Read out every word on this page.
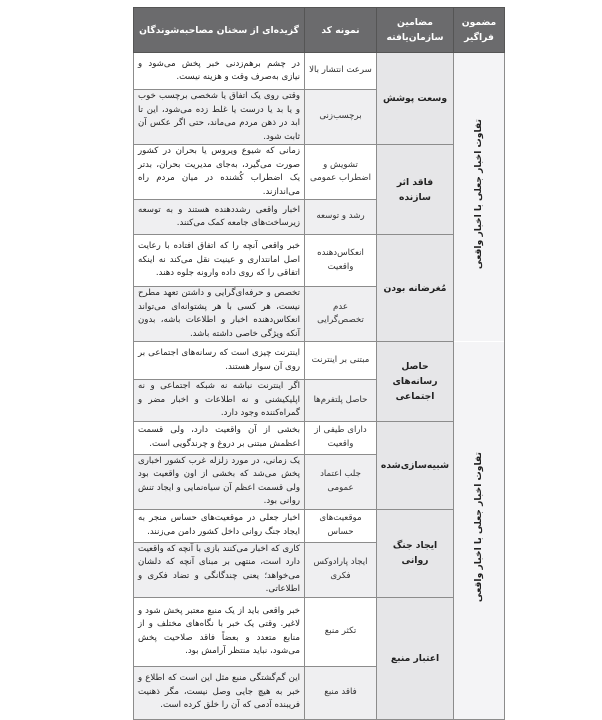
مضمون فراگیر	مضامین سازمان‌یافته	نمونه کد	گزیده‌ای از سخنان مصاحبه‌شوندگان
تفاوت اخبار جعلی با اخبار واقعی	وسعت پوشش	سرعت انتشار بالا	در چشم برهم‌زدنی خبر پخش می‌شود و نیازی به‌صرف وقت و هزینه نیست.
		برچسب‌زنی	وقتی روی یک اتفاق یا شخصی برچسب خوب و یا بد یا درست یا غلط زده می‌شود، این تا ابد در ذهن مردم می‌ماند، حتی اگر عکس آن ثابت شود.
	فاقد اثر سازنده	تشویش و اضطراب عمومی	زمانی که شیوع ویروس یا بحران در کشور صورت می‌گیرد، به‌جای مدیریت بحران، بدتر یک اضطراب کُشنده در میان مردم راه می‌اندازند.
		رشد و توسعه	اخبار واقعی رشددهنده هستند و به توسعه زیرساخت‌های جامعه کمک می‌کنند.
	مُغرضانه بودن	انعکاس‌دهنده واقعیت	خبر واقعی آنچه را که اتفاق افتاده با رعایت اصل امانتداری و عینیت نقل می‌کند نه اینکه اتفاقی را که روی داده وارونه جلوه دهند.
		عدم تخصص‌گرایی	تخصص و حرفه‌ای‌گرایی و داشتن تعهد مطرح نیست، هر کسی با هر پشتوانه‌ای می‌تواند انعکاس‌دهنده اخبار و اطلاعات باشه، بدون آنکه ویژگی خاصی داشته باشد.
تفاوت اخبار جعلی با اخبار واقعی	حاصل رسانه‌های اجتماعی	مبتنی بر اینترنت	اینترنت چیزی است که رسانه‌های اجتماعی بر روی آن سوار هستند.
		حاصل پلتفرم‌ها	اگر اینترنت نباشه نه شبکه اجتماعی و نه اپلیکیشنی و نه اطلاعات و اخبار مضر و گمراه‌کننده وجود دارد.
	شبیه‌سازی‌شده	دارای طیفی از واقعیت	بخشی از آن واقعیت دارد، ولی قسمت اعظمش مبتنی بر دروغ و چرندگویی است.
		جلب اعتماد عمومی	یک زمانی، در مورد زلزله غرب کشور اخباری پخش می‌شد که بخشی از اون واقعیت بود ولی قسمت اعظم آن سیاه‌نمایی و ایجاد تنش روانی بود.
	ایجاد جنگ روانی	موقعیت‌های حساس	اخبار جعلی در موقعیت‌های حساس منجر به ایجاد جنگ روانی داخل کشور دامن می‌زنند.
		ایجاد پارادوکس فکری	کاری که اخبار می‌کنند بازی با آنچه که واقعیت دارد است، منتهی بر مبنای آنچه که دلشان می‌خواهد؛ یعنی چندگانگی و تضاد فکری و اطلاعاتی.
	اعتبار منبع	تکثر منبع	خبر واقعی باید از یک منبع معتبر پخش شود و لاغیر. وقتی یک خبر با نگاه‌های مختلف و از منابع متعدد و بعضاً فاقد صلاحیت پخش می‌شود، نباید منتظر آرامش بود.
		فاقد منبع	این گم‌گشتگی منبع مثل این است که اطلاع و خبر به هیچ جایی وصل نیست، مگر ذهنیت فریبنده آدمی که آن را خلق کرده است.
